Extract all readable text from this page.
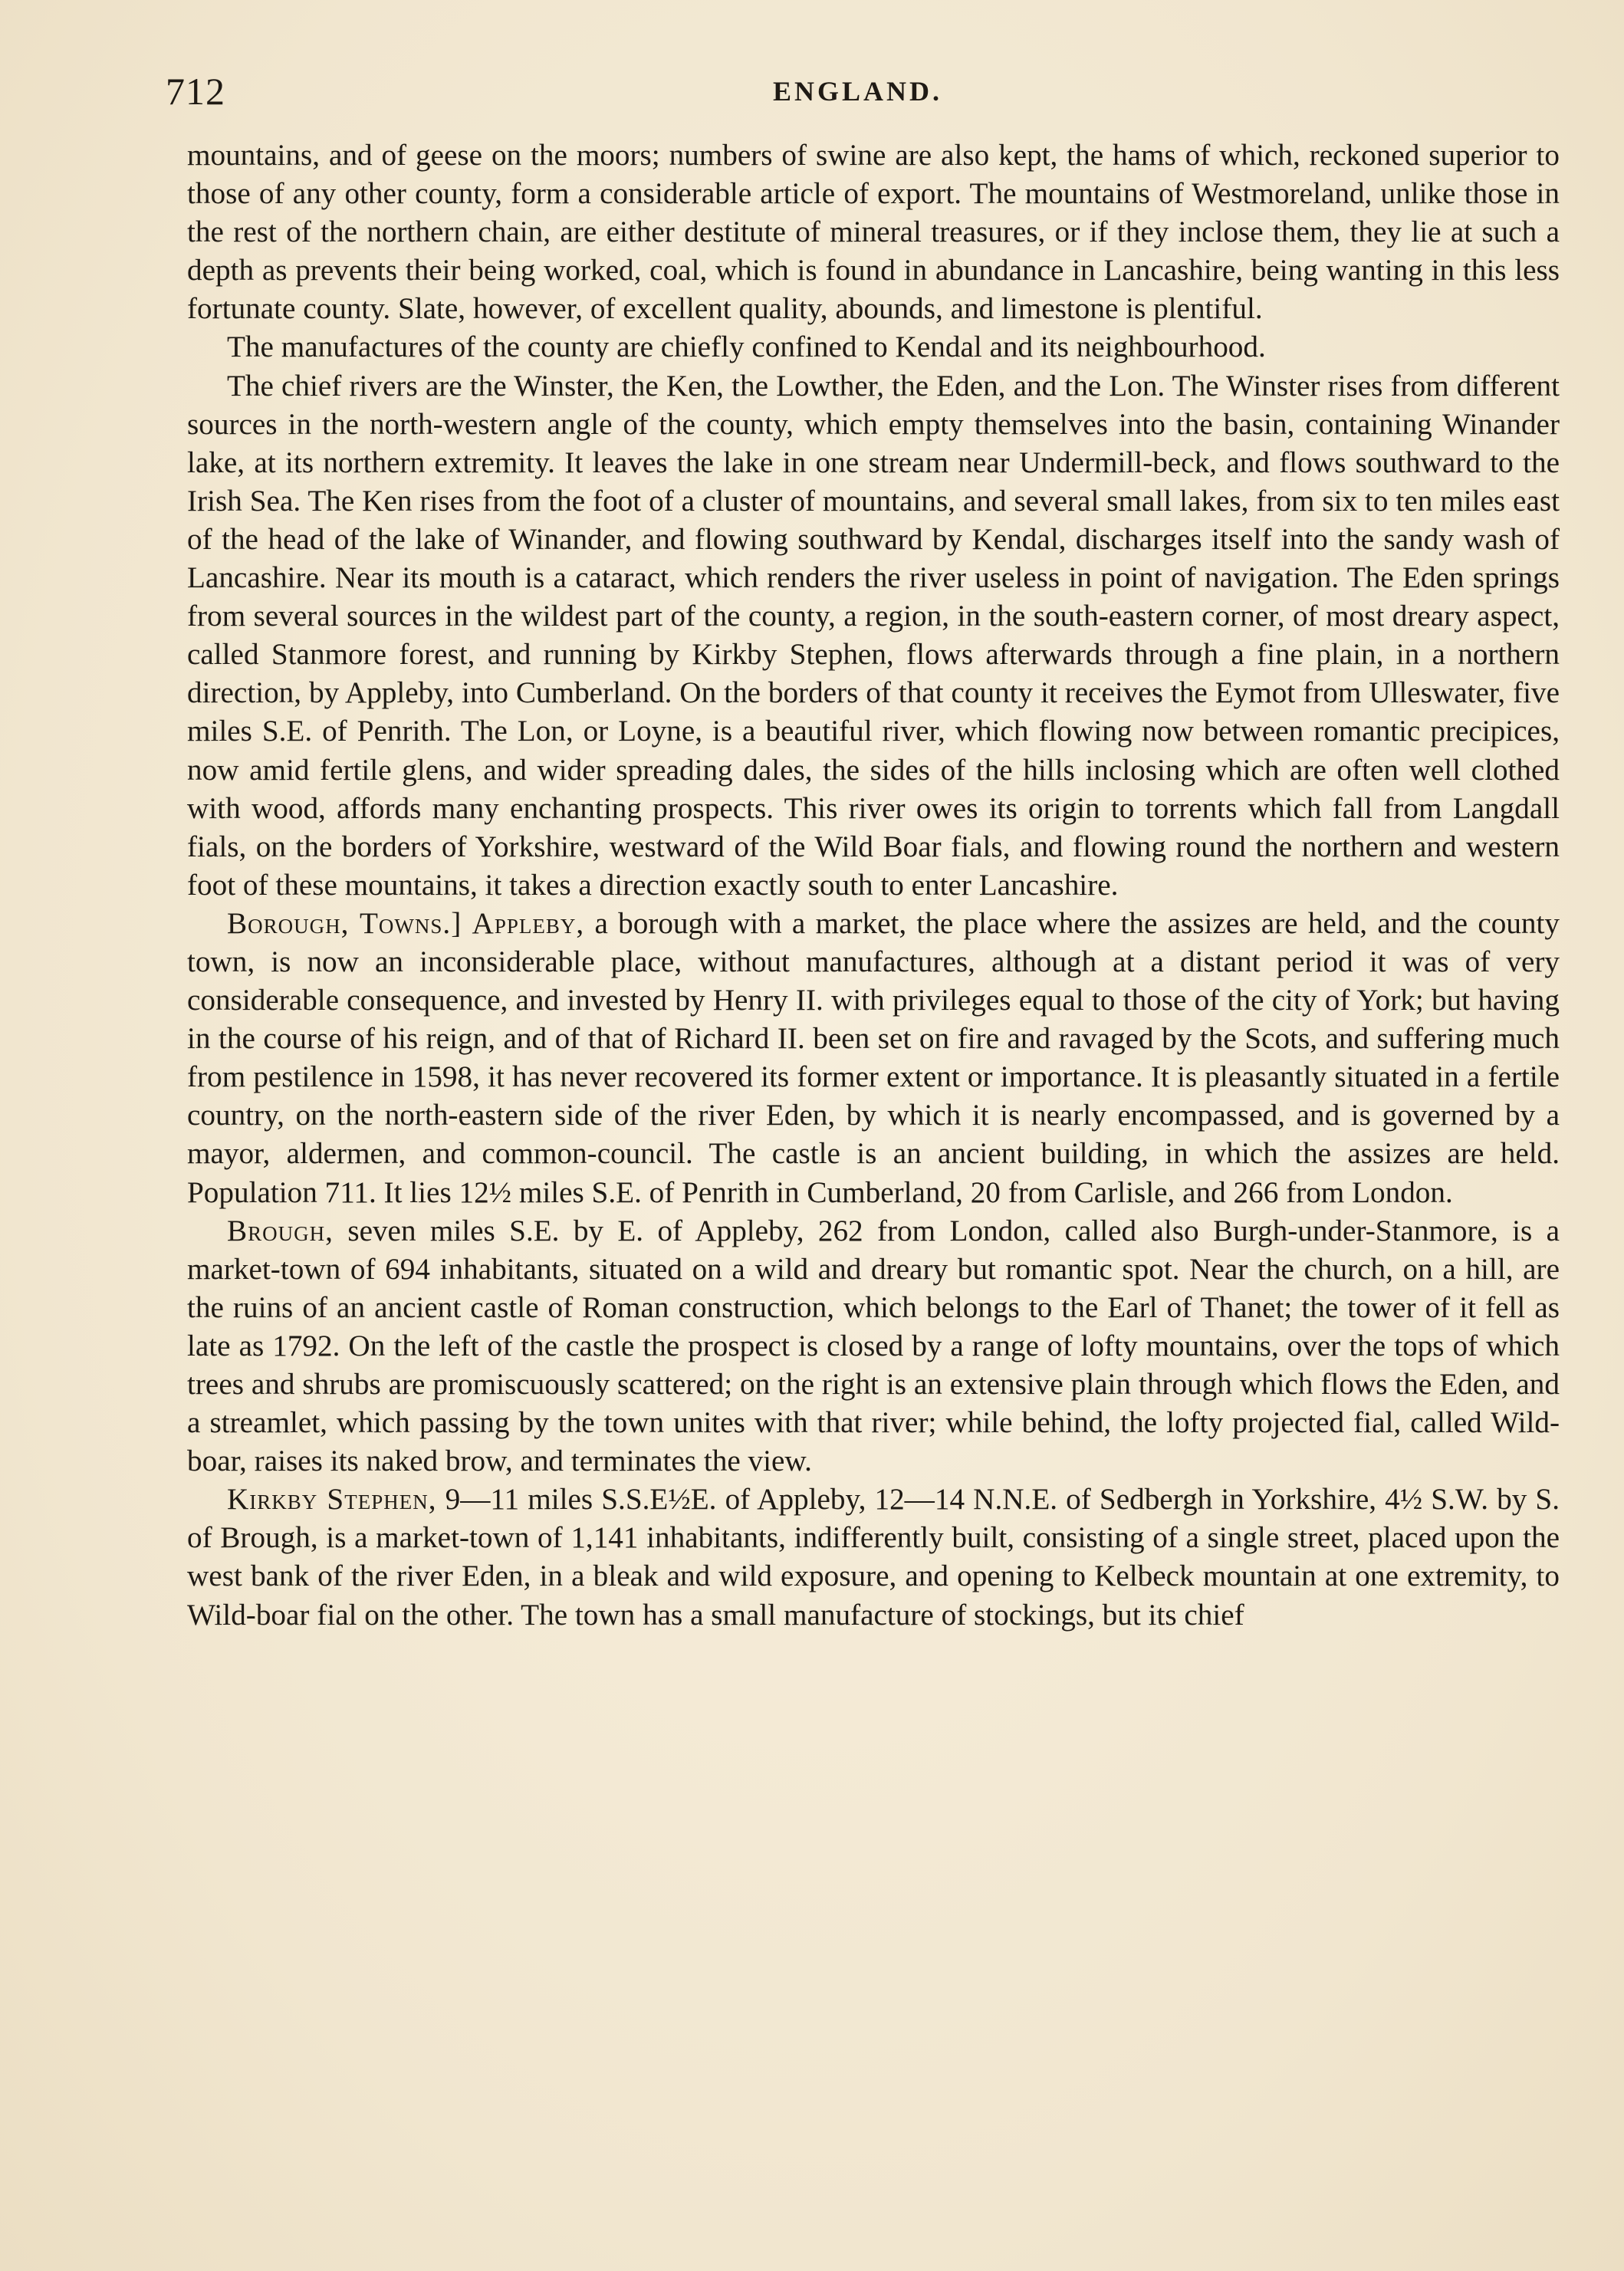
712	ENGLAND.

mountains, and of geese on the moors; numbers of swine are also kept, the hams of which, reckoned superior to those of any other county, form a considerable article of export. The mountains of Westmoreland, unlike those in the rest of the northern chain, are either destitute of mineral treasures, or if they inclose them, they lie at such a depth as prevents their being worked, coal, which is found in abundance in Lancashire, being wanting in this less fortunate county. Slate, however, of excellent quality, abounds, and limestone is plentiful.

The manufactures of the county are chiefly confined to Kendal and its neighbourhood.

The chief rivers are the Winster, the Ken, the Lowther, the Eden, and the Lon. The Winster rises from different sources in the north-western angle of the county, which empty themselves into the basin, containing Winander lake, at its northern extremity. It leaves the lake in one stream near Undermill-beck, and flows southward to the Irish Sea. The Ken rises from the foot of a cluster of mountains, and several small lakes, from six to ten miles east of the head of the lake of Winander, and flowing southward by Kendal, discharges itself into the sandy wash of Lancashire. Near its mouth is a cataract, which renders the river useless in point of navigation. The Eden springs from several sources in the wildest part of the county, a region, in the south-eastern corner, of most dreary aspect, called Stanmore forest, and running by Kirkby Stephen, flows afterwards through a fine plain, in a northern direction, by Appleby, into Cumberland. On the borders of that county it receives the Eymot from Ulleswater, five miles S.E. of Penrith. The Lon, or Loyne, is a beautiful river, which flowing now between romantic precipices, now amid fertile glens, and wider spreading dales, the sides of the hills inclosing which are often well clothed with wood, affords many enchanting prospects. This river owes its origin to torrents which fall from Langdall fials, on the borders of Yorkshire, westward of the Wild Boar fials, and flowing round the northern and western foot of these mountains, it takes a direction exactly south to enter Lancashire.

Borough, Towns.] Appleby, a borough with a market, the place where the assizes are held, and the county town, is now an inconsiderable place, without manufactures, although at a distant period it was of very considerable consequence, and invested by Henry II. with privileges equal to those of the city of York; but having in the course of his reign, and of that of Richard II. been set on fire and ravaged by the Scots, and suffering much from pestilence in 1598, it has never recovered its former extent or importance. It is pleasantly situated in a fertile country, on the north-eastern side of the river Eden, by which it is nearly encompassed, and is governed by a mayor, aldermen, and common-council. The castle is an ancient building, in which the assizes are held. Population 711. It lies 12½ miles S.E. of Penrith in Cumberland, 20 from Carlisle, and 266 from London.

Brough, seven miles S.E. by E. of Appleby, 262 from London, called also Burgh-under-Stanmore, is a market-town of 694 inhabitants, situated on a wild and dreary but romantic spot. Near the church, on a hill, are the ruins of an ancient castle of Roman construction, which belongs to the Earl of Thanet; the tower of it fell as late as 1792. On the left of the castle the prospect is closed by a range of lofty mountains, over the tops of which trees and shrubs are promiscuously scattered; on the right is an extensive plain through which flows the Eden, and a streamlet, which passing by the town unites with that river; while behind, the lofty projected fial, called Wild-boar, raises its naked brow, and terminates the view.

Kirkby Stephen, 9—11 miles S.S.E½E. of Appleby, 12—14 N.N.E. of Sedbergh in Yorkshire, 4½ S.W. by S. of Brough, is a market-town of 1,141 inhabitants, indifferently built, consisting of a single street, placed upon the west bank of the river Eden, in a bleak and wild exposure, and opening to Kelbeck mountain at one extremity, to Wild-boar fial on the other. The town has a small manufacture of stockings, but its chief
